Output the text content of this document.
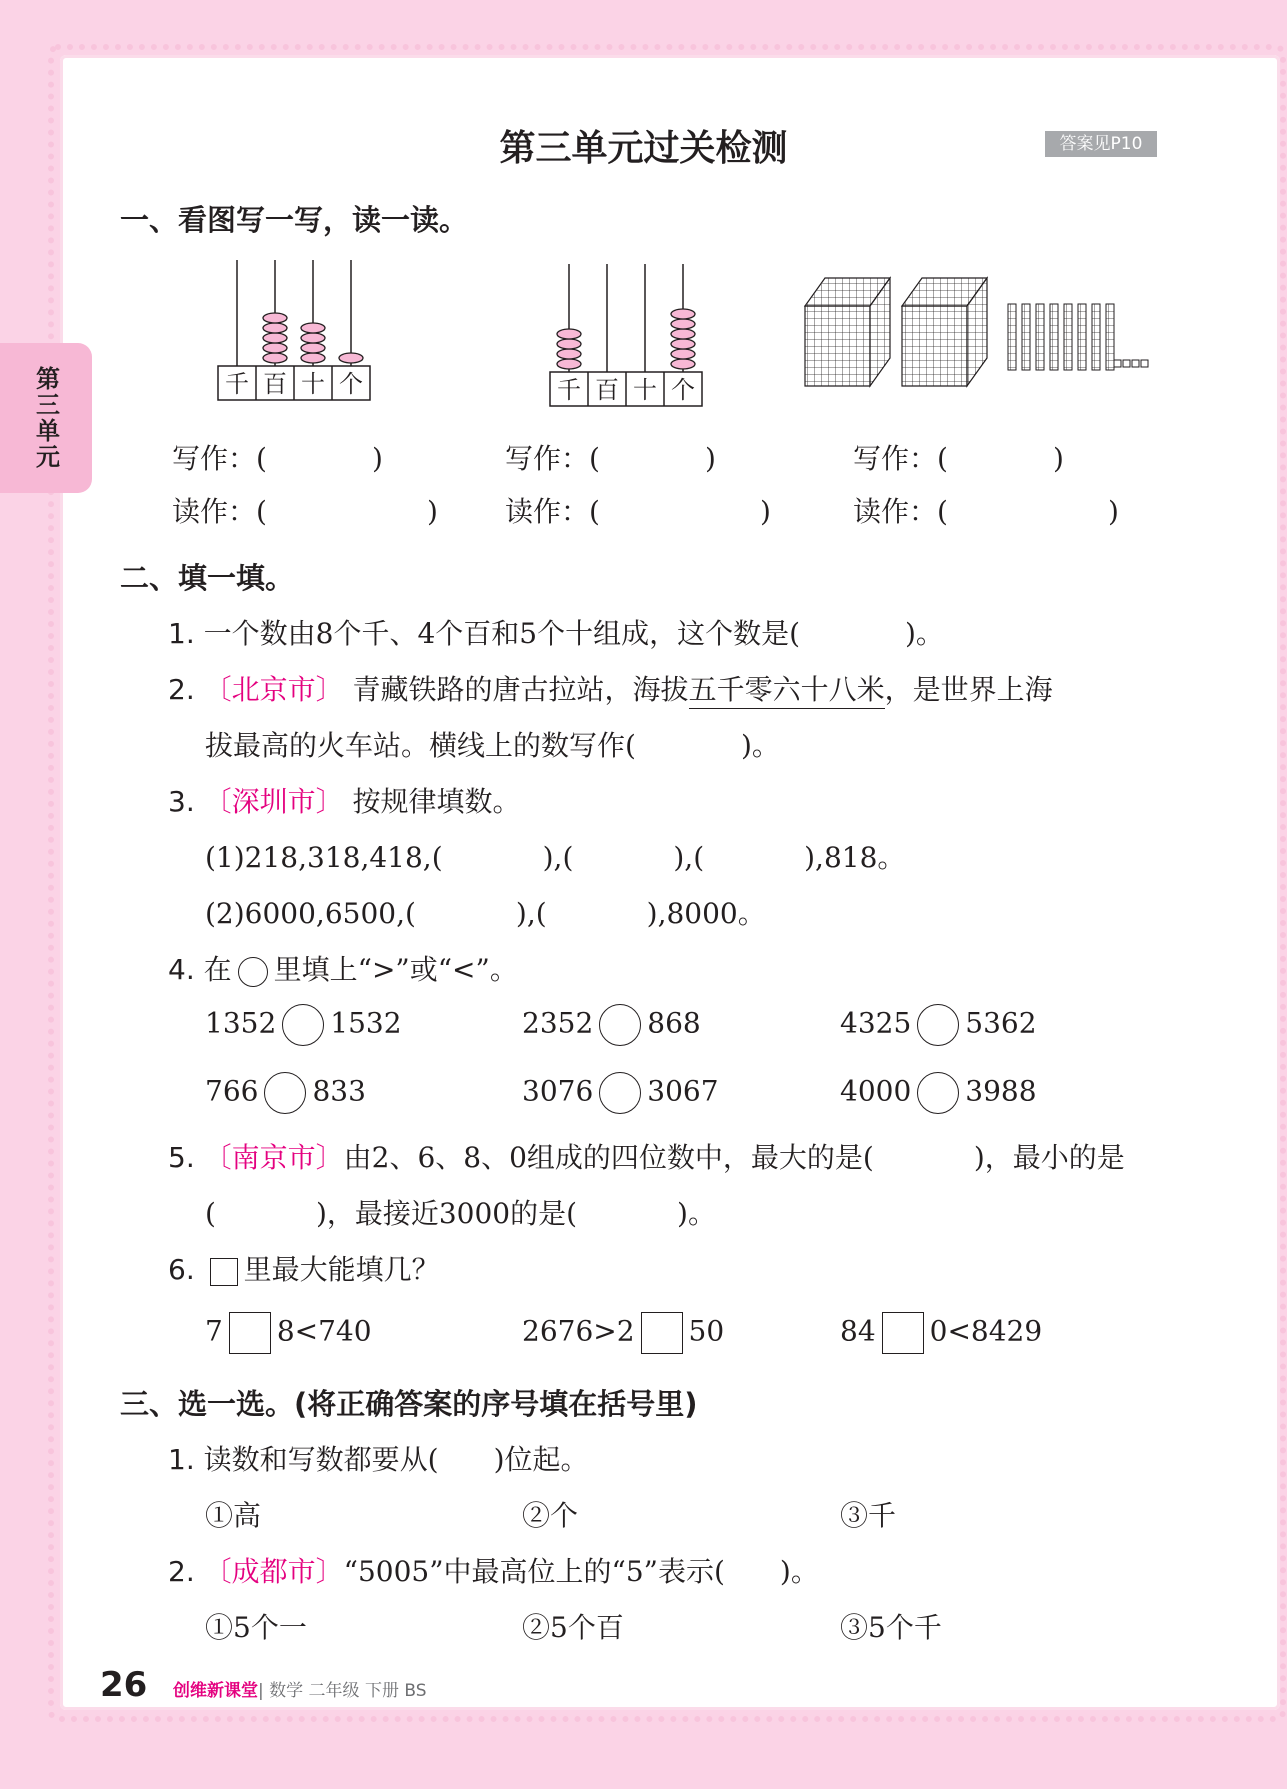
第三单元
第三单元过关检测	答案见P10
一、看图写一写，读一读。
千 百 十 个	千 百 十 个
写作：(	)	写作：(	)	写作：(	)
读作：(	) 读作：(	)	读作：(	)
二、填一填。
1. 一个数由8个千、4个百和5个十组成，这个数是(	)。
2. 〔北京市〕 青藏铁路的唐古拉站，海拔五千零六十八米，是世界上海
拔最高的火车站。横线上的数写作(	)。
3. 〔深圳市〕 按规律填数。
(1)218,318,418,(	),(	),(	),818。
(2)6000,6500,(	),(	),8000。
4. 在 里填上“>”或“<”。
1352 1532	2352 868	4325 5362
766 833	3076 3067	4000 3988
5. 〔南京市〕由2、6、8、0组成的四位数中，最大的是(	)，最小的是
(	)，最接近3000的是(	)。
6. 里最大能填几？
7 8<740	2676>2 50	84 0<8429
三、选一选。(将正确答案的序号填在括号里)
1. 读数和写数都要从( )位起。
①高	②个	③千
2. 〔成都市〕“5005”中最高位上的“5”表示( )。
①5个一	②5个百	③5个千
26 创维新课堂| 数学 二年级 下册 BS
